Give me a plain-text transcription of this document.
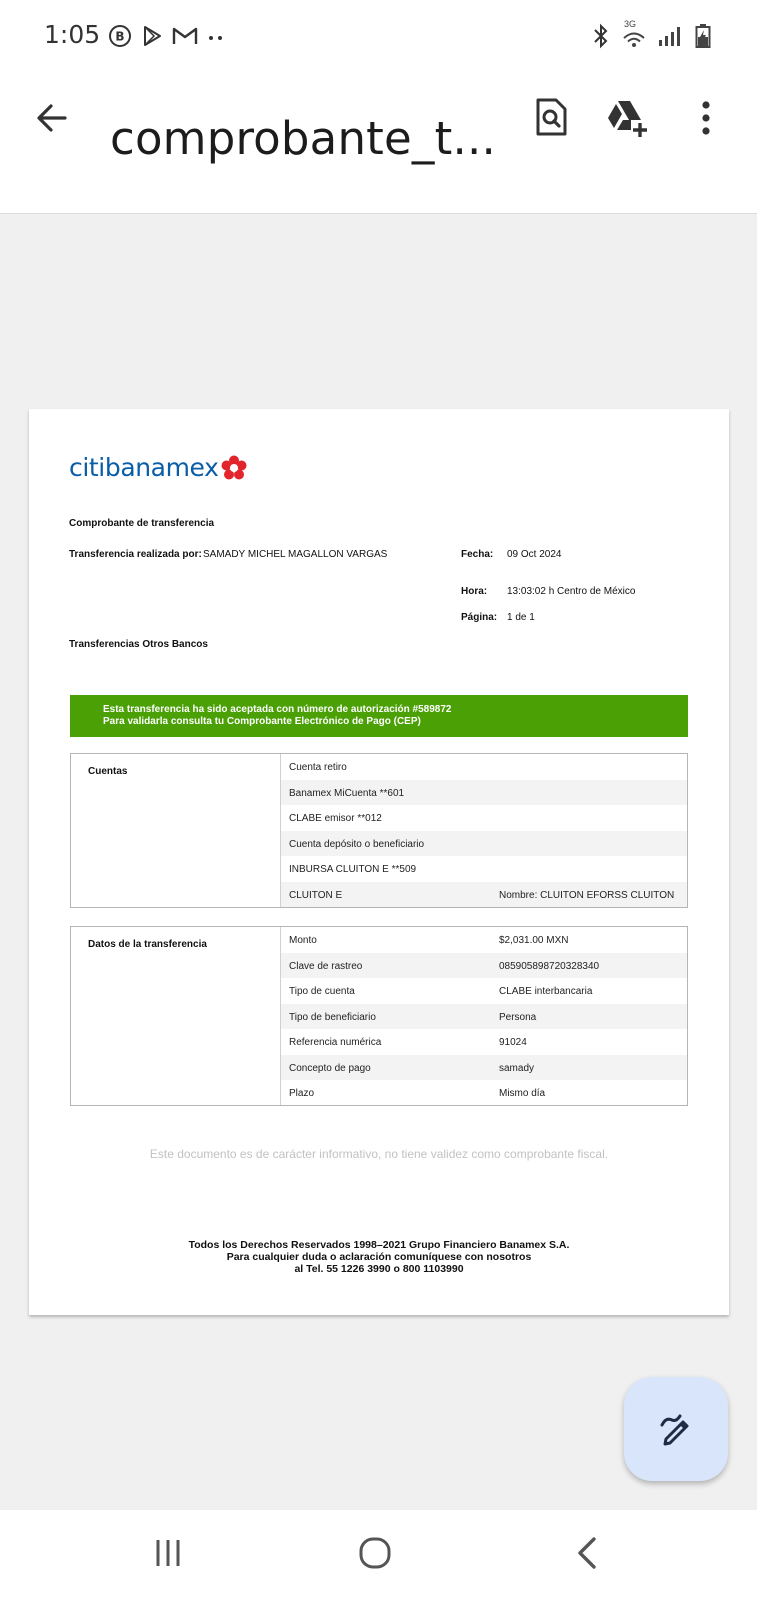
1:05 B
3G
comprobante_t...
citi banamex
Comprobante de transferencia
Transferencia realizada por: SAMADY MICHEL MAGALLON VARGAS	Fecha: 09 Oct 2024
Hora: 13:03:02 h Centro de México
Página: 1 de 1
Transferencias Otros Bancos
Esta transferencia ha sido aceptada con número de autorización #589872
Para validarla consulta tu Comprobante Electrónico de Pago (CEP)
Cuentas	Cuenta retiro
Banamex MiCuenta **601
CLABE emisor **012
Cuenta depósito o beneficiario
INBURSA CLUITON E **509
CLUITON E	Nombre: CLUITON EFORSS CLUITON
Datos de la transferencia	Monto	$2,031.00 MXN
Clave de rastreo	085905898720328340
Tipo de cuenta	CLABE interbancaria
Tipo de beneficiario	Persona
Referencia numérica	91024
Concepto de pago	samady
Plazo	Mismo día
Este documento es de carácter informativo, no tiene validez como comprobante fiscal.
Todos los Derechos Reservados 1998–2021 Grupo Financiero Banamex S.A.
Para cualquier duda o aclaración comuníquese con nosotros
al Tel. 55 1226 3990 o 800 1103990
